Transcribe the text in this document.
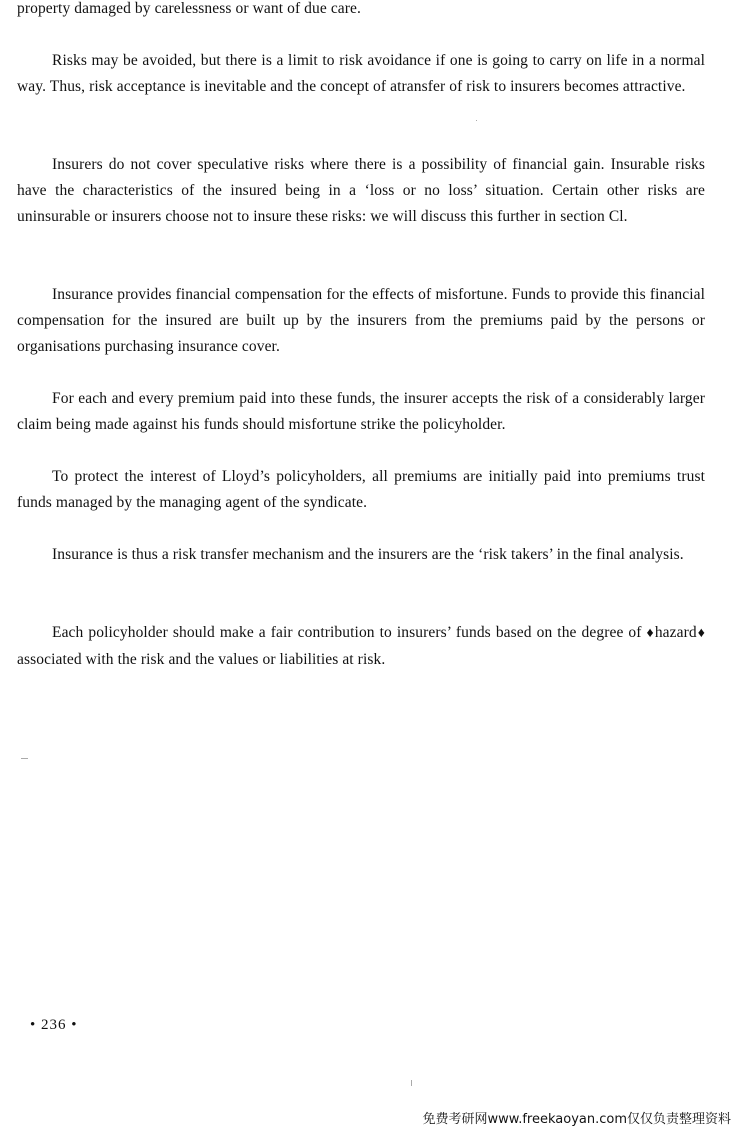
property damaged by carelessness or want of due care.

Risks may be avoided, but there is a limit to risk avoidance if one is going to carry on life in a normal way. Thus, risk acceptance is inevitable and the concept of atransfer of risk to insurers becomes attractive.

Insurers do not cover speculative risks where there is a possibility of financial gain. Insurable risks have the characteristics of the insured being in a ‘loss or no loss’ situation. Certain other risks are uninsurable or insurers choose not to insure these risks: we will discuss this further in section Cl.

Insurance provides financial compensation for the effects of misfortune. Funds to provide this financial compensation for the insured are built up by the insurers from the premiums paid by the persons or organisations purchasing insurance cover.

For each and every premium paid into these funds, the insurer accepts the risk of a considerably larger claim being made against his funds should misfortune strike the policyholder.

To protect the interest of Lloyd’s policyholders, all premiums are initially paid into premiums trust funds managed by the managing agent of the syndicate.

Insurance is thus a risk transfer mechanism and the insurers are the ‘risk takers’ in the final analysis.

Each policyholder should make a fair contribution to insurers’ funds based on the degree of ♦hazard♦ associated with the risk and the values or liabilities at risk.

• 236 •
免费考研网www.freekaoyan.com仅仅负责整理资料
